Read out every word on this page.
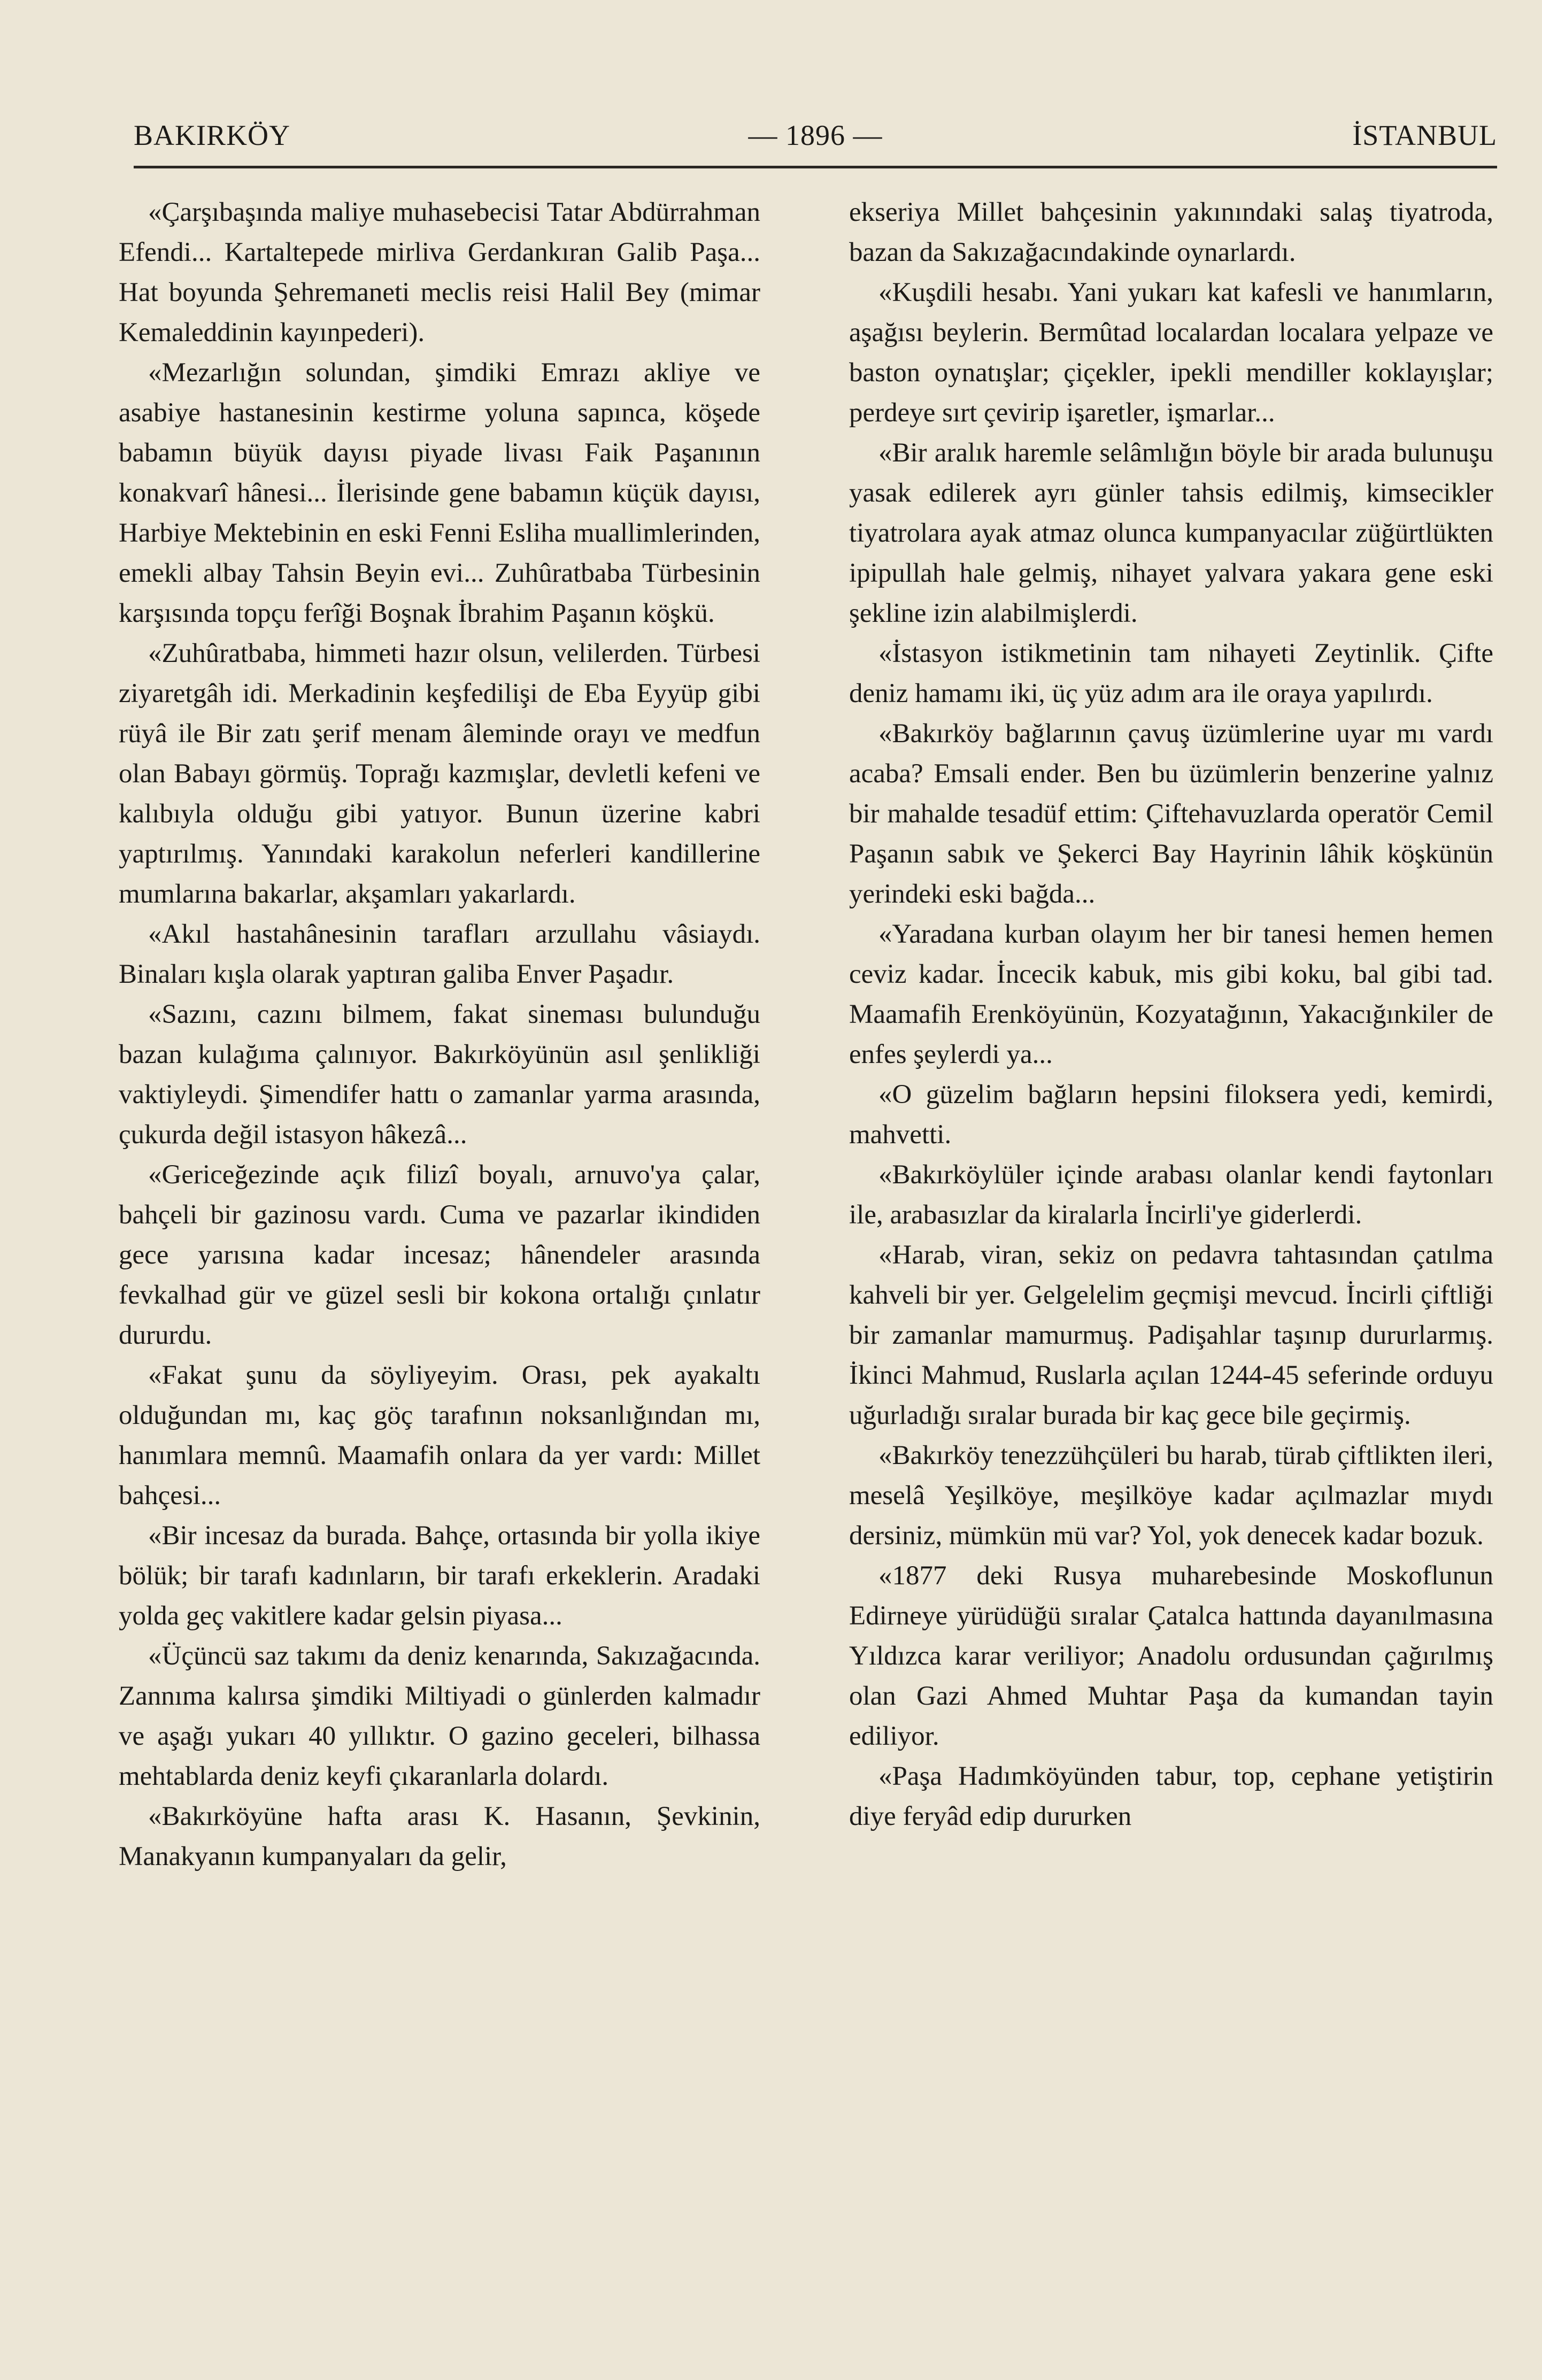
BAKIRKÖY	— 1896 —	İSTANBUL

«Çarşıbaşında maliye muhasebecisi Tatar Abdürrahman Efendi... Kartaltepede mirliva Gerdankıran Galib Paşa... Hat boyunda Şehremaneti meclis reisi Halil Bey (mimar Kemaleddinin kayınpederi).

«Mezarlığın solundan, şimdiki Emrazı akliye ve asabiye hastanesinin kestirme yoluna sapınca, köşede babamın büyük dayısı piyade livası Faik Paşanının konakvarî hânesi... İlerisinde gene babamın küçük dayısı, Harbiye Mektebinin en eski Fenni Esliha muallimlerinden, emekli albay Tahsin Beyin evi... Zuhûratbaba Türbesinin karşısında topçu ferîği Boşnak İbrahim Paşanın köşkü.

«Zuhûratbaba, himmeti hazır olsun, velilerden. Türbesi ziyaretgâh idi. Merkadinin keşfedilişi de Eba Eyyüp gibi rüyâ ile Bir zatı şerif menam âleminde orayı ve medfun olan Babayı görmüş. Toprağı kazmışlar, devletli kefeni ve kalıbıyla olduğu gibi yatıyor. Bunun üzerine kabri yaptırılmış. Yanındaki karakolun neferleri kandillerine mumlarına bakarlar, akşamları yakarlardı.

«Akıl hastahânesinin tarafları arzullahu vâsiaydı. Binaları kışla olarak yaptıran galiba Enver Paşadır.

«Sazını, cazını bilmem, fakat sineması bulunduğu bazan kulağıma çalınıyor. Bakırköyünün asıl şenlikliği vaktiyleydi. Şimendifer hattı o zamanlar yarma arasında, çukurda değil istasyon hâkezâ...

«Gericeğezinde açık filizî boyalı, arnuvo'ya çalar, bahçeli bir gazinosu vardı. Cuma ve pazarlar ikindiden gece yarısına kadar incesaz; hânendeler arasında fevkalhad gür ve güzel sesli bir kokona ortalığı çınlatır dururdu.

«Fakat şunu da söyliyeyim. Orası, pek ayakaltı olduğundan mı, kaç göç tarafının noksanlığından mı, hanımlara memnû. Maamafih onlara da yer vardı: Millet bahçesi...

«Bir incesaz da burada. Bahçe, ortasında bir yolla ikiye bölük; bir tarafı kadınların, bir tarafı erkeklerin. Aradaki yolda geç vakitlere kadar gelsin piyasa...

«Üçüncü saz takımı da deniz kenarında, Sakızağacında. Zannıma kalırsa şimdiki Miltiyadi o günlerden kalmadır ve aşağı yukarı 40 yıllıktır. O gazino geceleri, bilhassa mehtablarda deniz keyfi çıkaranlarla dolardı.

«Bakırköyüne hafta arası K. Hasanın, Şevkinin, Manakyanın kumpanyaları da gelir,

ekseriya Millet bahçesinin yakınındaki salaş tiyatroda, bazan da Sakızağacındakinde oynarlardı.

«Kuşdili hesabı. Yani yukarı kat kafesli ve hanımların, aşağısı beylerin. Bermûtad localardan localara yelpaze ve baston oynatışlar; çiçekler, ipekli mendiller koklayışlar; perdeye sırt çevirip işaretler, işmarlar...

«Bir aralık haremle selâmlığın böyle bir arada bulunuşu yasak edilerek ayrı günler tahsis edilmiş, kimsecikler tiyatrolara ayak atmaz olunca kumpanyacılar züğürtlükten ipipullah hale gelmiş, nihayet yalvara yakara gene eski şekline izin alabilmişlerdi.

«İstasyon istikmetinin tam nihayeti Zeytinlik. Çifte deniz hamamı iki, üç yüz adım ara ile oraya yapılırdı.

«Bakırköy bağlarının çavuş üzümlerine uyar mı vardı acaba? Emsali ender. Ben bu üzümlerin benzerine yalnız bir mahalde tesadüf ettim: Çiftehavuzlarda operatör Cemil Paşanın sabık ve Şekerci Bay Hayrinin lâhik köşkünün yerindeki eski bağda...

«Yaradana kurban olayım her bir tanesi hemen hemen ceviz kadar. İncecik kabuk, mis gibi koku, bal gibi tad. Maamafih Erenköyünün, Kozyatağının, Yakacığınkiler de enfes şeylerdi ya...

«O güzelim bağların hepsini filoksera yedi, kemirdi, mahvetti.

«Bakırköylüler içinde arabası olanlar kendi faytonları ile, arabasızlar da kiralarla İncirli'ye giderlerdi.

«Harab, viran, sekiz on pedavra tahtasından çatılma kahveli bir yer. Gelgelelim geçmişi mevcud. İncirli çiftliği bir zamanlar mamurmuş. Padişahlar taşınıp dururlarmış. İkinci Mahmud, Ruslarla açılan 1244-45 seferinde orduyu uğurladığı sıralar burada bir kaç gece bile geçirmiş.

«Bakırköy tenezzühçüleri bu harab, türab çiftlikten ileri, meselâ Yeşilköye, meşilköye kadar açılmazlar mıydı dersiniz, mümkün mü var? Yol, yok denecek kadar bozuk.

«1877 deki Rusya muharebesinde Moskoflunun Edirneye yürüdüğü sıralar Çatalca hattında dayanılmasına Yıldızca karar veriliyor; Anadolu ordusundan çağırılmış olan Gazi Ahmed Muhtar Paşa da kumandan tayin ediliyor.

«Paşa Hadımköyünden tabur, top, cephane yetiştirin diye feryâd edip dururken
